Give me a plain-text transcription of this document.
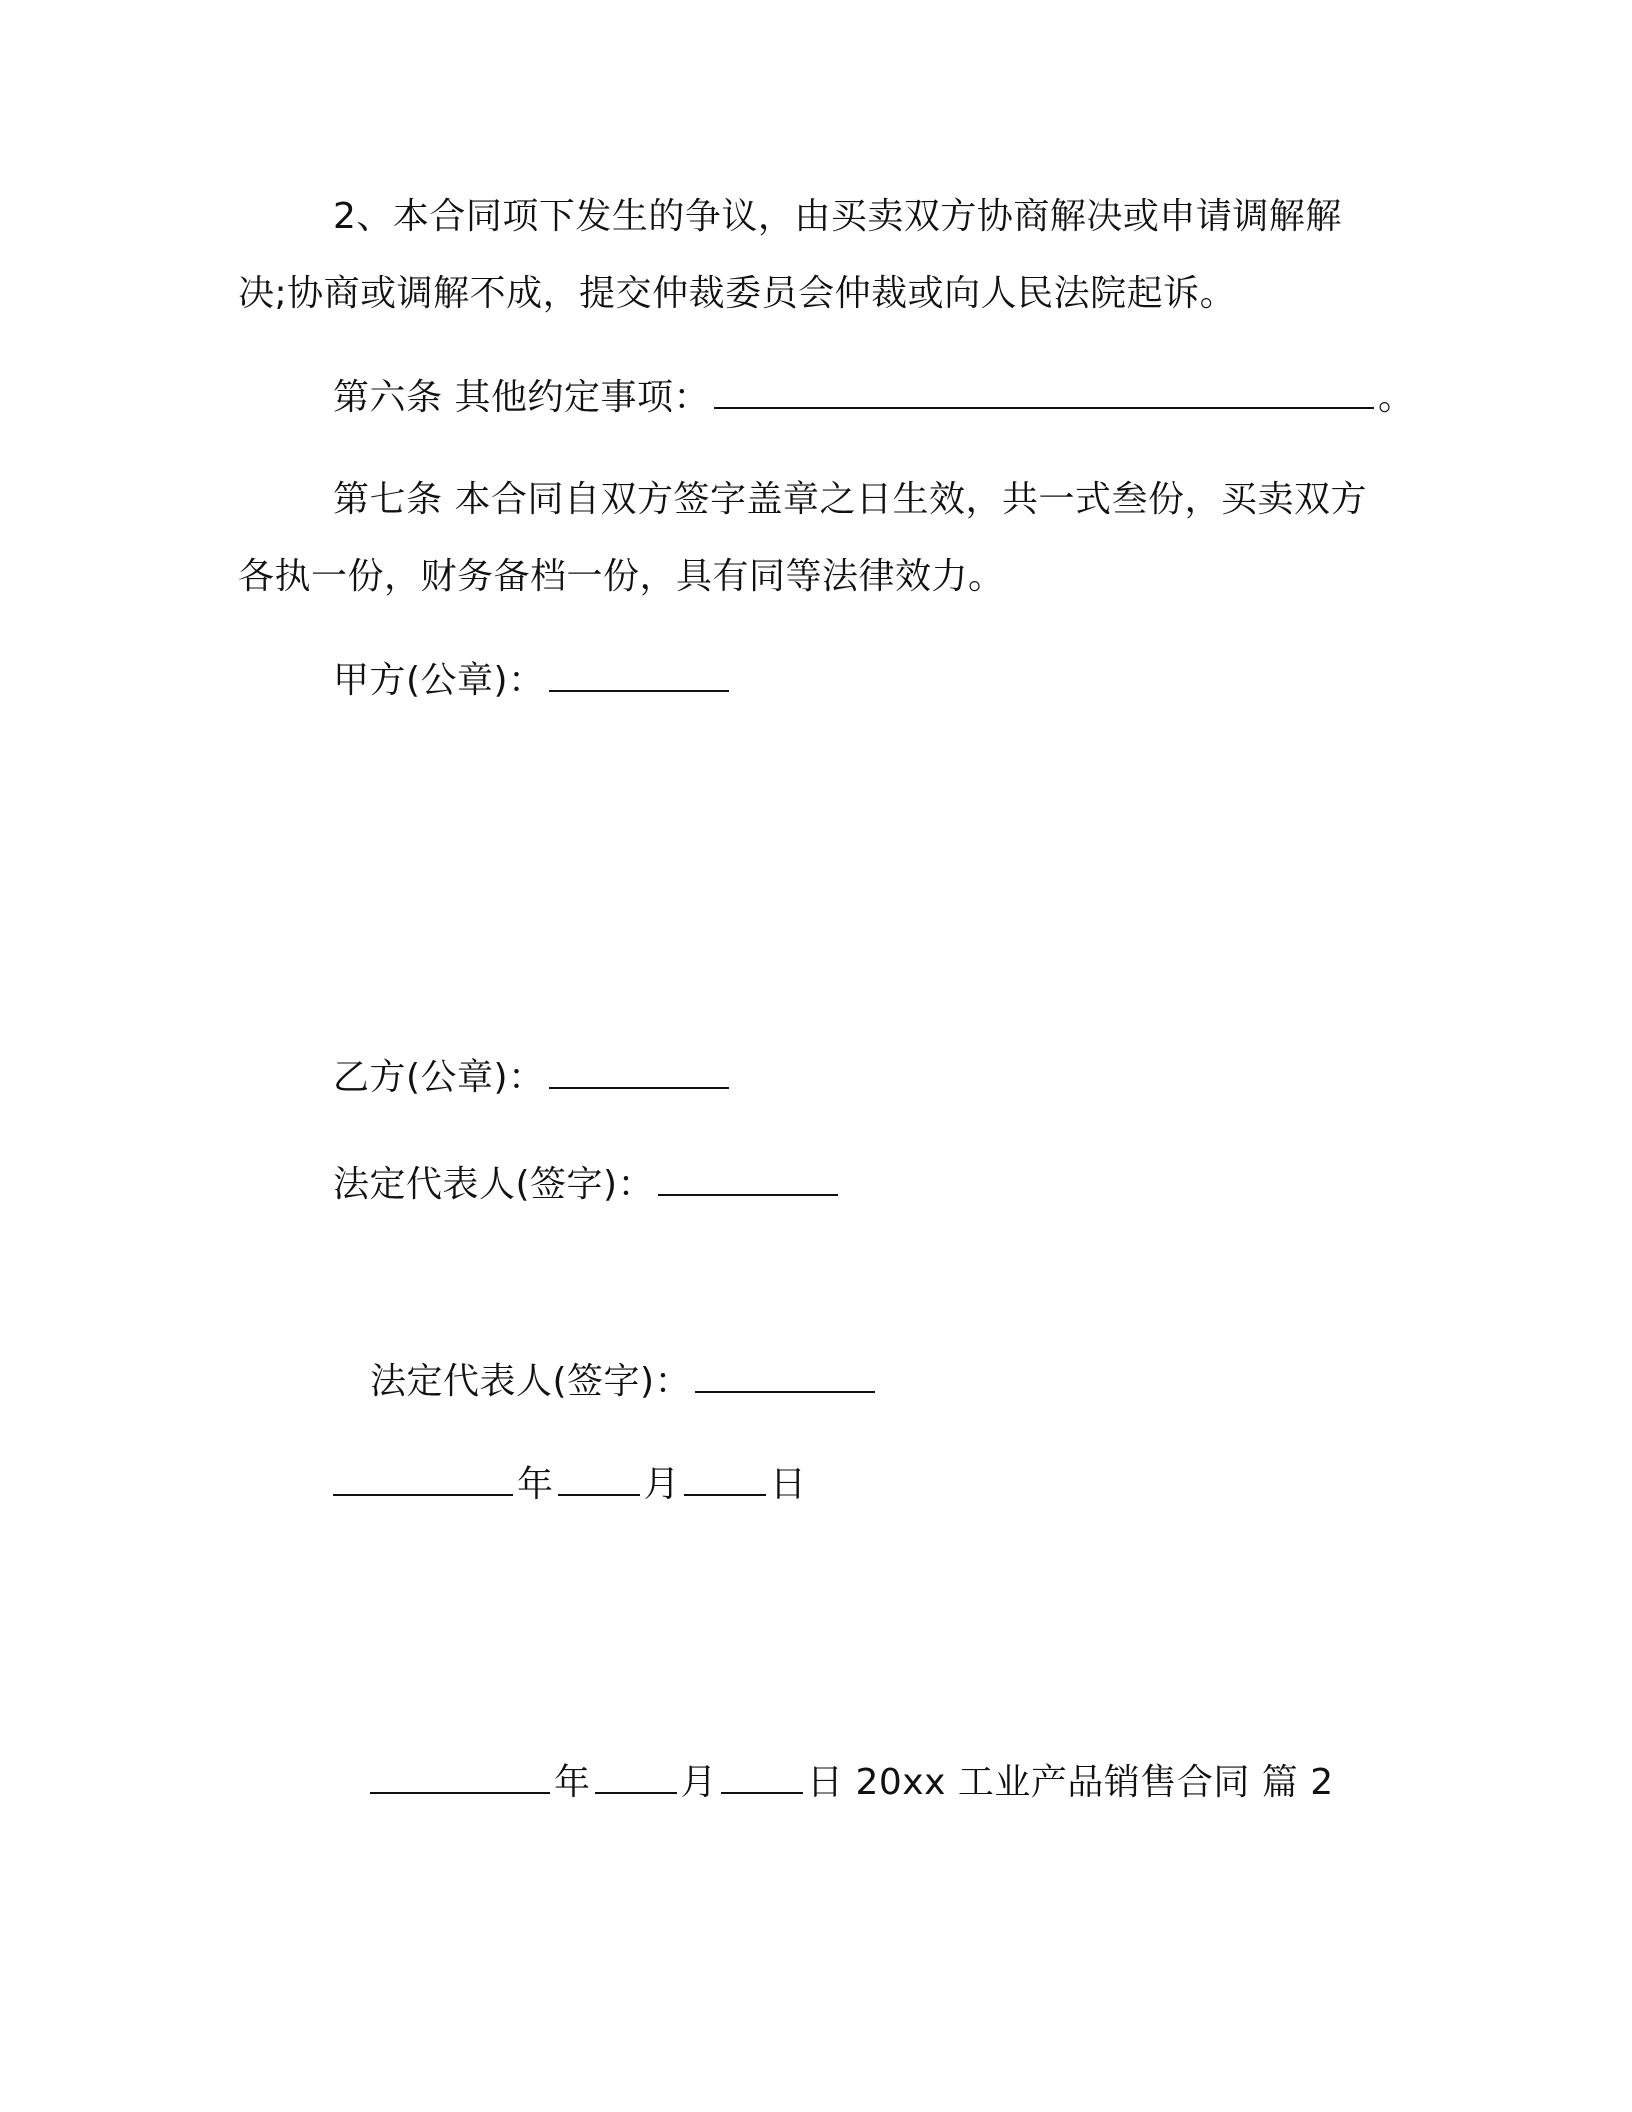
2、本合同项下发生的争议，由买卖双方协商解决或申请调解解
决;协商或调解不成，提交仲裁委员会仲裁或向人民法院起诉。
第六条 其他约定事项：	。
第七条 本合同自双方签字盖章之日生效，共一式叁份，买卖双方
各执一份，财务备档一份，具有同等法律效力。
甲方(公章)：
乙方(公章)：
法定代表人(签字)：
法定代表人(签字)：
年	月	日
年	月	日 20xx 工业产品销售合同 篇 2
